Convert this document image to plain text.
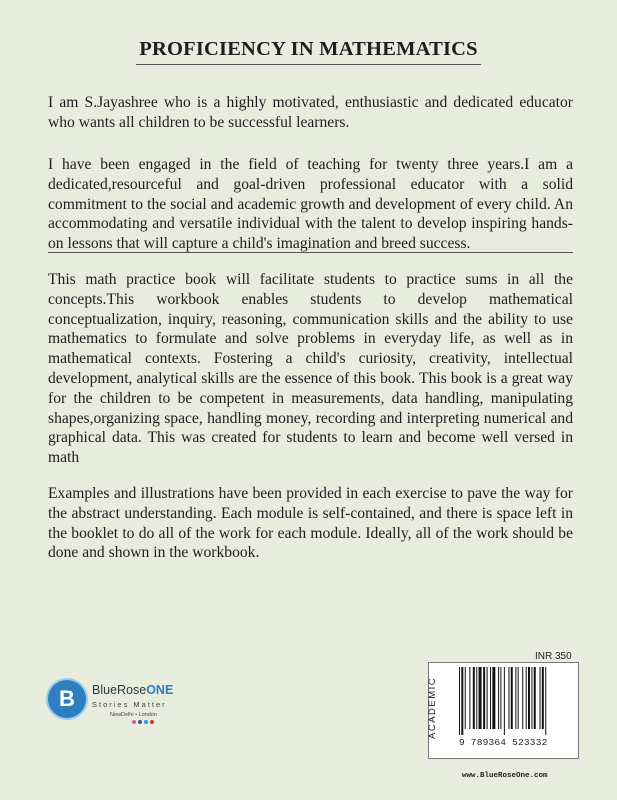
PROFICIENCY IN MATHEMATICS

I am S.Jayashree who is a highly motivated, enthusiastic and dedicated educator who wants all children to be successful learners.

I have been engaged in the field of teaching for twenty three years.I am a dedicated,resourceful and goal-driven professional educator with a solid commitment to the social and academic growth and development of every child. An accommodating and versatile individual with the talent to develop inspiring hands-on lessons that will capture a child's imagination and breed success.

This math practice book will facilitate students to practice sums in all the concepts.This workbook enables students to develop mathematical conceptualization, inquiry, reasoning, communication skills and the ability to use mathematics to formulate and solve problems in everyday life, as well as in mathematical contexts. Fostering a child's curiosity, creativity, intellectual development, analytical skills are the essence of this book. This book is a great way for the children to be competent in measurements, data handling, manipulating shapes,organizing space, handling money, recording and interpreting numerical and graphical data. This was created for students to learn and become well versed in math

Examples and illustrations have been provided in each exercise to pave the way for the abstract understanding. Each module is self-contained, and there is space left in the booklet to do all of the work for each module. Ideally, all of the work should be done and shown in the workbook.

B	BlueRoseONE
Stories Matter
NewDelhi • London
INR 350
ACADEMIC
9 789364 523332
www.BlueRoseOne.com
